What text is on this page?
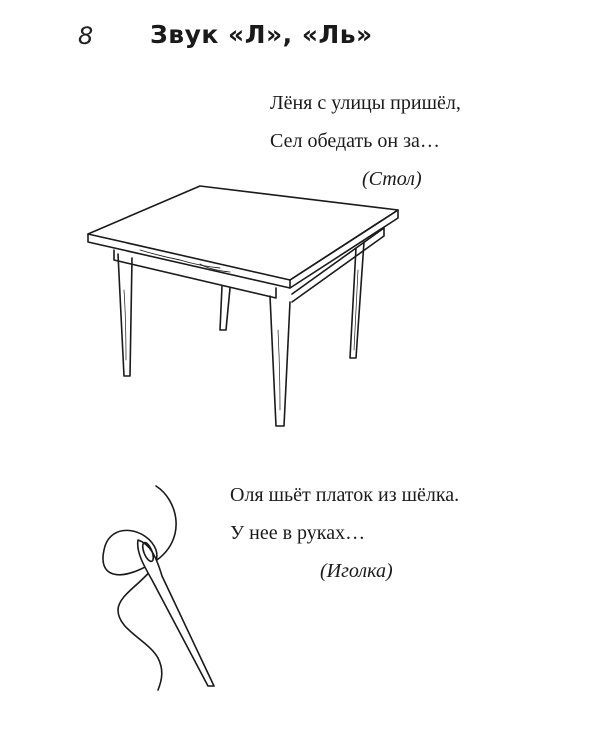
8 Звук «Л», «Ль»
Лёня с улицы пришёл,
Сел обедать он за…
(Стол)
Оля шьёт платок из шёлка.
У нее в руках…
(Иголка)
